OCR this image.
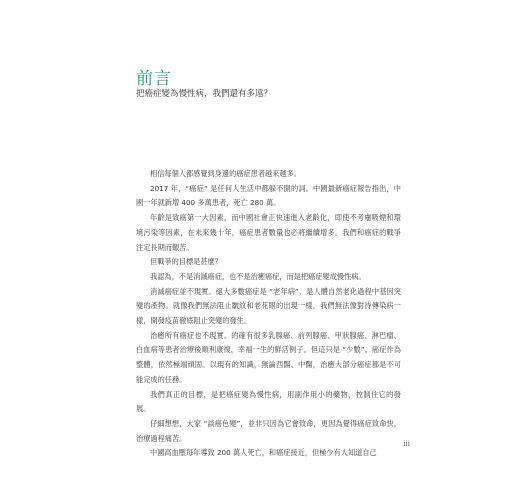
前言
把癌症變為慢性病，我們還有多遠？

相信每個人都感覺到身邊的癌症患者越來越多。

2017 年，“癌症” 是任何人生活中都躲不開的詞。中國最新癌症報告指出，中國一年就新增 400 多萬患者，死亡 280 萬。

年齡是致癌第一大因素，而中國社會正快速進入老齡化，即使不考慮吸煙和環境污染等因素，在未來幾十年，癌症患者數量也必將繼續增多。我們和癌症的戰爭注定長期而艱苦。

但戰爭的目標是甚麼？

我認為，不是消滅癌症，也不是治癒癌症，而是把癌症變成慢性病。

消滅癌症並不現實。絕大多數癌症是 “老年病”，是人體自然老化過程中基因突變的產物。就像我們無法阻止皺紋和老花眼的出現一樣，我們無法像對待傳染病一樣，開發疫苗徹底阻止突變的發生。

治癒所有癌症也不現實。的確有很多乳腺癌、前列腺癌、甲狀腺癌、淋巴瘤、白血病等患者治療後順利康復，幸福一生的鮮活例子。但這只是 “少數”。癌症作為整體，依然極端頑固。以現有的知識，無論西醫、中醫，治癒大部分癌症都是不可能完成的任務。

我們真正的目標，是把癌症變為慢性病，用副作用小的藥物，控制住它的發展。

仔細想想，大家 “談癌色變”，並非只因為它會致命，更因為覺得癌症致命快，治療過程痛苦。

中國高血壓每年導致 200 萬人死亡，和癌症接近，但極少有人知道自己

iii
